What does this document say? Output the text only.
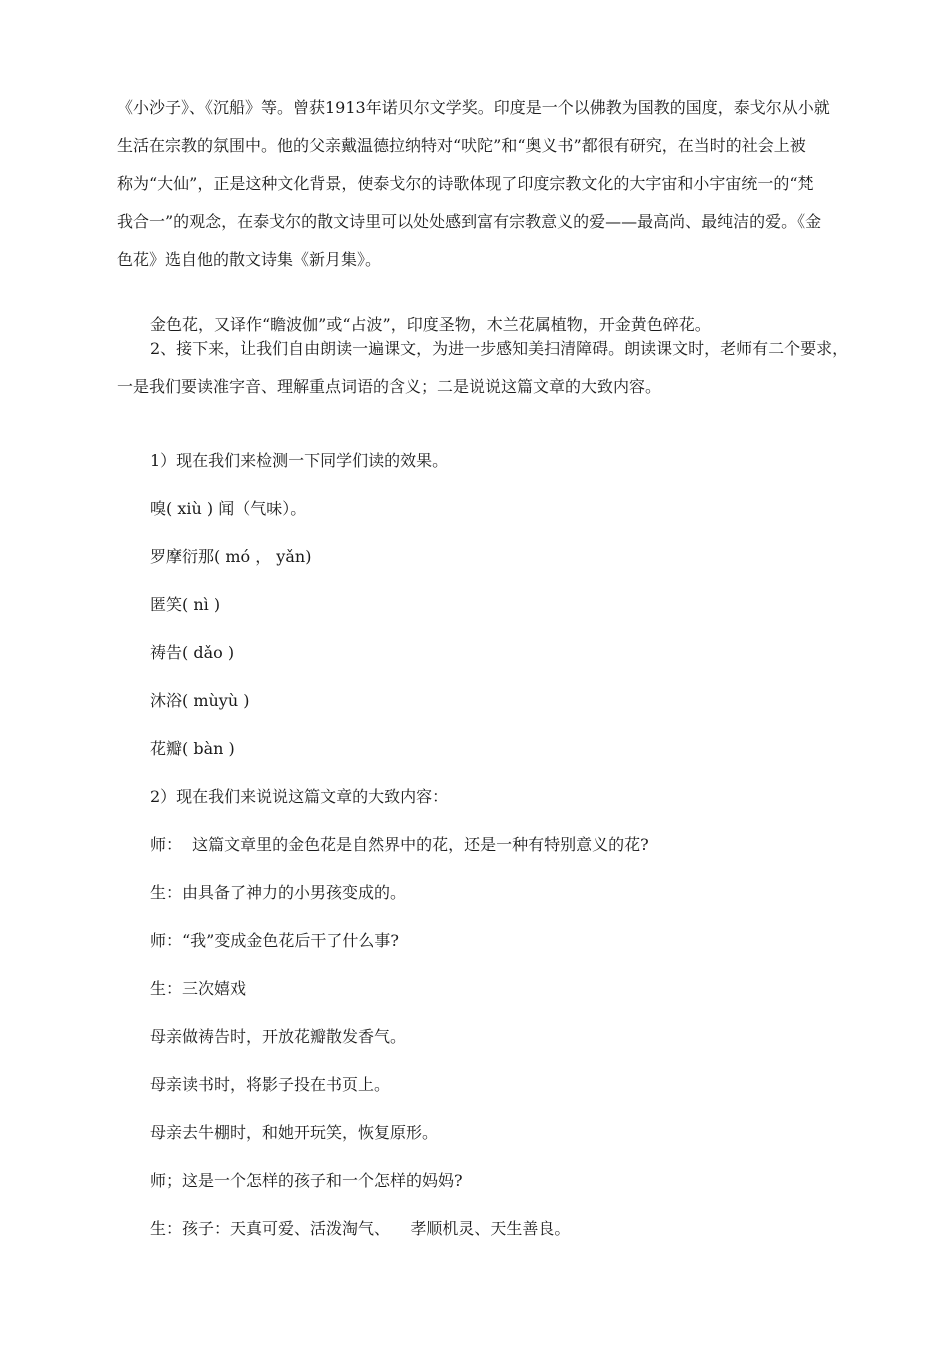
《小沙子》、《沉船》等。曾获1913年诺贝尔文学奖。印度是一个以佛教为国教的国度，泰戈尔从小就
生活在宗教的氛围中。他的父亲戴温德拉纳特对“吠陀”和“奥义书”都很有研究，在当时的社会上被
称为“大仙”，正是这种文化背景，使泰戈尔的诗歌体现了印度宗教文化的大宇宙和小宇宙统一的“梵
我合一”的观念，在泰戈尔的散文诗里可以处处感到富有宗教意义的爱——最高尚、最纯洁的爱。《金
色花》选自他的散文诗集《新月集》。

金色花，又译作“瞻波伽”或“占波”，印度圣物，木兰花属植物，开金黄色碎花。

2、接下来，让我们自由朗读一遍课文，为进一步感知美扫清障碍。朗读课文时，老师有二个要求，
一是我们要读准字音、理解重点词语的含义；二是说说这篇文章的大致内容。

1）现在我们来检测一下同学们读的效果。

嗅( xiù ) 闻（气味）。

罗摩衍那( mó ， yǎn)

匿笑( nì )

祷告( dǎo )

沐浴( mùyù )

花瓣( bàn )

2）现在我们来说说这篇文章的大致内容：

师：  这篇文章里的金色花是自然界中的花，还是一种有特别意义的花?

生：由具备了神力的小男孩变成的。

师：“我”变成金色花后干了什么事?

生：三次嬉戏

母亲做祷告时，开放花瓣散发香气。

母亲读书时，将影子投在书页上。

母亲去牛棚时，和她开玩笑，恢复原形。

师；这是一个怎样的孩子和一个怎样的妈妈?

生：孩子：天真可爱、活泼淘气、    孝顺机灵、天生善良。
